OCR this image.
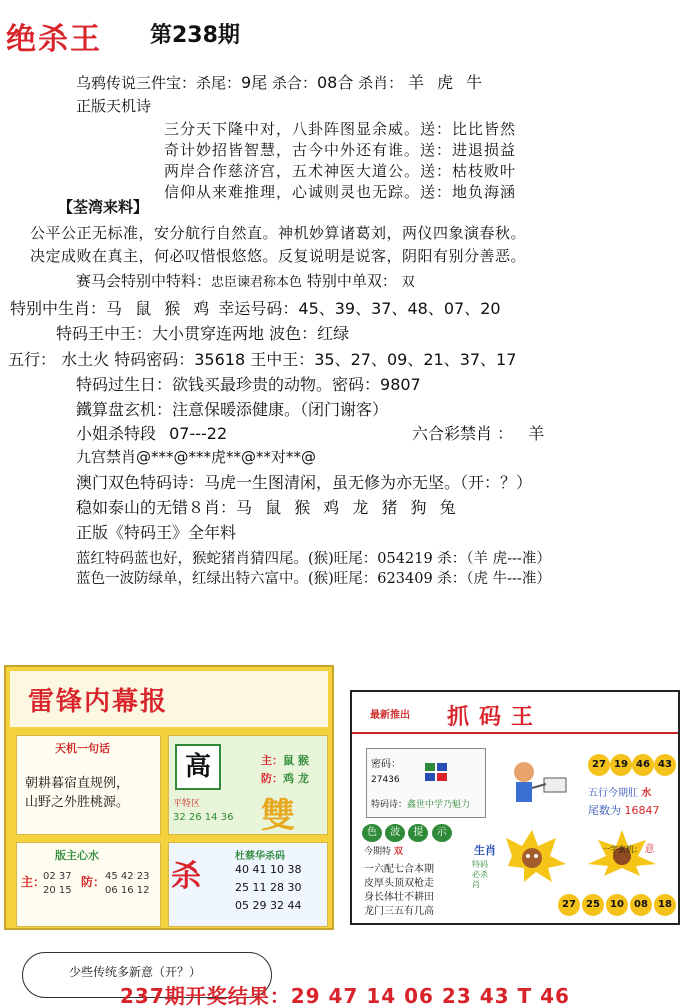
绝杀王 第238期
乌鸦传说三件宝：杀尾：9尾 杀合：08合 杀肖： 羊 虎 牛
正版天机诗
三分天下隆中对，八卦阵图显余威。送：比比皆然
奇计妙招皆智慧，古今中外还有谁。送：进退损益
两岸合作慈济宫，五术神医大道公。送：枯枝败叶
信仰从来难推理，心诚则灵也无踪。送：地负海涵
【荃湾来料】
公平公正无标准，安分航行自然直。神机妙算诸葛刘，两仪四象演春秋。
决定成败在真主，何必叹惜恨悠悠。反复说明是说客，阴阳有别分善恶。
赛马会特别中特料：忠臣谏君称本色 特别中单双： 双
特别中生肖：马 鼠 猴 鸡 幸运号码：45、39、37、48、07、20
特码王中王：大小贯穿连两地 波色：红绿
五行： 水土火 特码密码：35618 王中王：35、27、09、21、37、17
特码过生日：欲钱买最珍贵的动物。密码：9807
鐵算盘玄机：注意保暖添健康。（闭门谢客）
小姐杀特段 07---22	六合彩禁肖 ： 羊
九宫禁肖@***@***虎**@**对**@
澳门双色特码诗：马虎一生图清闲，虽无修为亦无坚。（开：？）
稳如泰山的无错８肖：马 鼠 猴 鸡 龙 猪 狗 兔
正版《特码王》全年料
蓝红特码蓝也好，猴蛇猪肖猜四尾。(猴)旺尾：054219 杀：（羊 虎---准）
蓝色一波防绿单，红绿出特六富中。(猴)旺尾：623409 杀：（虎 牛---准）
雷锋内幕报
天机一句话
朝耕暮宿直规例，
山野之外胜桃源。
高	主：鼠 猴
防：鸡 龙
平特区
32 26 14 36 雙
版主心水
主：
02 37
20 15
防： 45 42 23
06 16 12 杀
杜蔡华杀码
40 41 10 38
25 11 28 30
05 29 32 44
最新推出 抓码王
密码：
27436
特码诗：鑫世中学乃魁力
27 19 46 43
五行今期肛 水
尾数为 16847
色 波 提 示
今期特 双
一六配七合本期
皮厚头顶双枪走
身长体壮不耕田
龙门三五有几高
生肖
特码必杀肖
一字玄机： 意
27	25	10	08	18
少些传统多新意（开？）
237期开奖结果：29 47 14 06 23 43 T 46
